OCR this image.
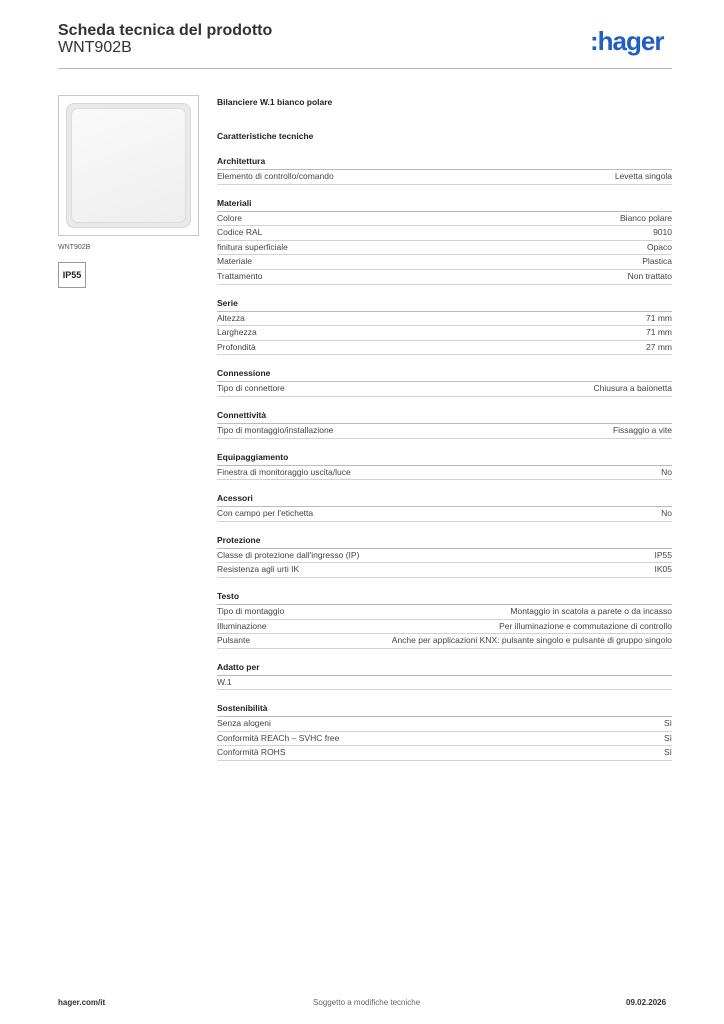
Scheda tecnica del prodotto
WNT902B	:hager
WNT902B
IP55
Bilanciere W.1 bianco polare
Caratteristiche tecniche
Architettura
Elemento di controllo/comando	Levetta singola
Materiali
Colore	Bianco polare
Codice RAL	9010
finitura superficiale	Opaco
Materiale	Plastica
Trattamento	Non trattato
Serie
Altezza	71 mm
Larghezza	71 mm
Profondità	27 mm
Connessione
Tipo di connettore	Chiusura a baionetta
Connettività
Tipo di montaggio/installazione	Fissaggio a vite
Equipaggiamento
Finestra di monitoraggio uscita/luce	No
Acessori
Con campo per l'etichetta	No
Protezione
Classe di protezione dall'ingresso (IP)	IP55
Resistenza agli urti IK	IK05
Testo
Tipo di montaggio	Montaggio in scatola a parete o da incasso
Illuminazione	Per illuminazione e commutazione di controllo
Pulsante	Anche per applicazioni KNX: pulsante singolo e pulsante di gruppo singolo
Adatto per
W.1
Sostenibilità
Senza alogeni	Sì
Conformità REACh – SVHC free	Sì
Conformità ROHS	Sì
hager.com/it	Soggetto a modifiche tecniche	09.02.2026
